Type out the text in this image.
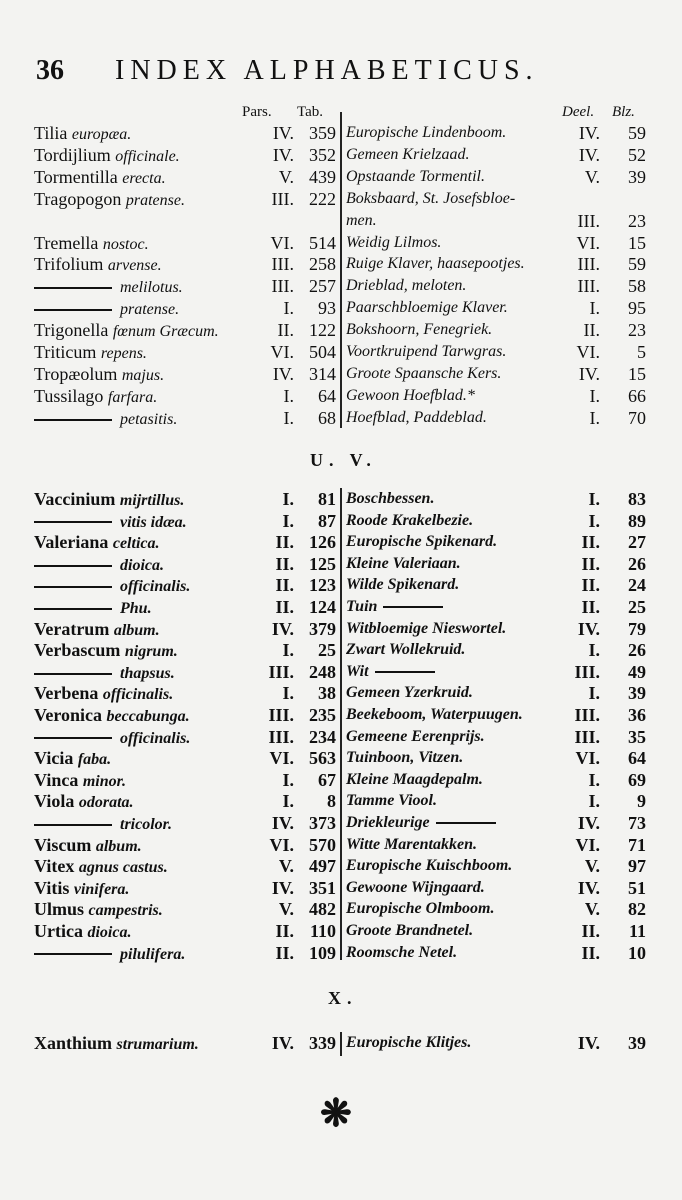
36 INDEX ALPHABETICUS.
Pars. Tab.	Deel. Blz.
Tilia europæa.	IV. 359 Europische Lindenboom.	IV.	59
Tordijlium officinale.	IV. 352 Gemeen Krielzaad.	IV.	52
Tormentilla erecta.	V. 439 Opstaande Tormentil.	V.	39
Tragopogon pratense.	III. 222 Boksbaard, St. Josefsbloe-
men.	III.	23
Tremella nostoc.	VI. 514 Weidig Lilmos.	VI.	15
Trifolium arvense.	III. 258 Ruige Klaver, haasepootjes.	III.	59
melilotus.	III. 257 Drieblad, meloten.	III.	58
pratense.	I.	93 Paarschbloemige Klaver.	I.	95
Trigonella fœnum Græcum.	II. 122 Bokshoorn, Fenegriek.	II.	23
Triticum repens.	VI. 504 Voortkruipend Tarwgras.	VI.	5
Tropæolum majus.	IV. 314 Groote Spaansche Kers.	IV.	15
Tussilago farfara.	I.	64 Gewoon Hoefblad.*	I.	66
petasitis.	I.	68 Hoefblad, Paddeblad.	I.	70
U. V.
Vaccinium mijrtillus.	I.	81 Boschbessen.	I.	83
vitis idæa.	I.	87 Roode Krakelbezie.	I.	89
Valeriana celtica.	II. 126 Europische Spikenard.	II.	27
dioica.	II. 125 Kleine Valeriaan.	II.	26
officinalis.	II. 123 Wilde Spikenard.	II.	24
Phu.	II. 124 Tuin	II.	25
Veratrum album.	IV. 379 Witbloemige Nieswortel.	IV.	79
Verbascum nigrum.	I.	25 Zwart Wollekruid.	I.	26
thapsus.	III. 248 Wit	III.	49
Verbena officinalis.	I.	38 Gemeen Yzerkruid.	I.	39
Veronica beccabunga.	III. 235 Beekeboom, Waterpuugen.	III.	36
officinalis.	III. 234 Gemeene Eerenprijs.	III.	35
Vicia faba.	VI. 563 Tuinboon, Vitzen.	VI.	64
Vinca minor.	I.	67 Kleine Maagdepalm.	I.	69
Viola odorata.	I.	8 Tamme Viool.	I.	9
tricolor.	IV. 373 Driekleurige	IV.	73
Viscum album.	VI. 570 Witte Marentakken.	VI.	71
Vitex agnus castus.	V. 497 Europische Kuischboom.	V.	97
Vitis vinifera.	IV. 351 Gewoone Wijngaard.	IV.	51
Ulmus campestris.	V. 482 Europische Olmboom.	V.	82
Urtica dioica.	II. 110 Groote Brandnetel.	II.	11
pilulifera.	II. 109 Roomsche Netel.	II.	10
X.
Xanthium strumarium.	IV. 339 Europische Klitjes.	IV.	39
❋
